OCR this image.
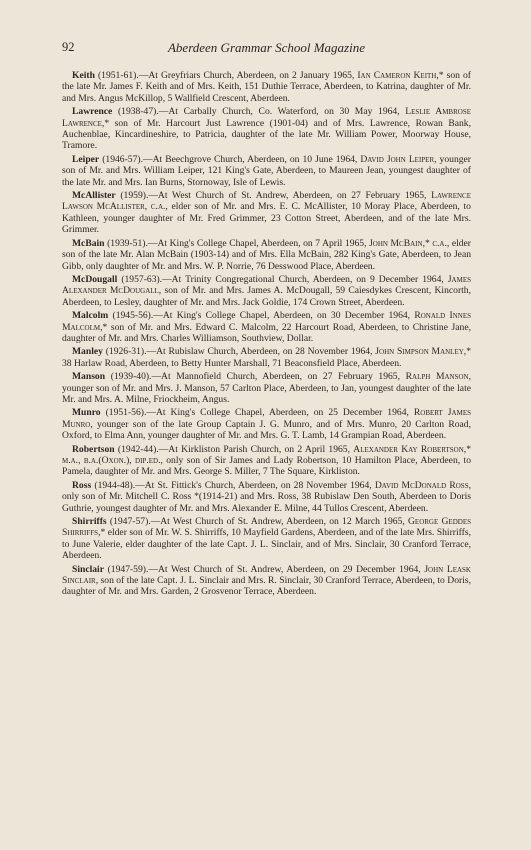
92	Aberdeen Grammar School Magazine

Keith (1951-61).—At Greyfriars Church, Aberdeen, on 2 January 1965, Ian Cameron Keith,* son of the late Mr. James F. Keith and of Mrs. Keith, 151 Duthie Terrace, Aberdeen, to Katrina, daughter of Mr. and Mrs. Angus McKillop, 5 Wallfield Crescent, Aberdeen.

Lawrence (1938-47).—At Carbally Church, Co. Waterford, on 30 May 1964, Leslie Ambrose Lawrence,* son of Mr. Harcourt Just Lawrence (1901-04) and of Mrs. Lawrence, Rowan Bank, Auchenblae, Kincardineshire, to Patricia, daughter of the late Mr. William Power, Moorway House, Tramore.

Leiper (1946-57).—At Beechgrove Church, Aberdeen, on 10 June 1964, David John Leiper, younger son of Mr. and Mrs. William Leiper, 121 King's Gate, Aberdeen, to Maureen Jean, youngest daughter of the late Mr. and Mrs. Ian Burns, Stornoway, Isle of Lewis.

McAllister (1959).—At West Church of St. Andrew, Aberdeen, on 27 February 1965, Lawrence Lawson McAllister, c.a., elder son of Mr. and Mrs. E. C. McAllister, 10 Moray Place, Aberdeen, to Kathleen, younger daughter of Mr. Fred Grimmer, 23 Cotton Street, Aberdeen, and of the late Mrs. Grimmer.

McBain (1939-51).—At King's College Chapel, Aberdeen, on 7 April 1965, John McBain,* c.a., elder son of the late Mr. Alan McBain (1903-14) and of Mrs. Ella McBain, 282 King's Gate, Aberdeen, to Jean Gibb, only daughter of Mr. and Mrs. W. P. Norrie, 76 Desswood Place, Aberdeen.

McDougall (1957-63).—At Trinity Congregational Church, Aberdeen, on 9 December 1964, James Alexander McDougall, son of Mr. and Mrs. James A. McDougall, 59 Caiesdykes Crescent, Kincorth, Aberdeen, to Lesley, daughter of Mr. and Mrs. Jack Goldie, 174 Crown Street, Aberdeen.

Malcolm (1945-56).—At King's College Chapel, Aberdeen, on 30 December 1964, Ronald Innes Malcolm,* son of Mr. and Mrs. Edward C. Malcolm, 22 Harcourt Road, Aberdeen, to Christine Jane, daughter of Mr. and Mrs. Charles Williamson, Southview, Dollar.

Manley (1926-31).—At Rubislaw Church, Aberdeen, on 28 November 1964, John Simpson Manley,* 38 Harlaw Road, Aberdeen, to Betty Hunter Marshall, 71 Beaconsfield Place, Aberdeen.

Manson (1939-40).—At Mannofield Church, Aberdeen, on 27 February 1965, Ralph Manson, younger son of Mr. and Mrs. J. Manson, 57 Carlton Place, Aberdeen, to Jan, youngest daughter of the late Mr. and Mrs. A. Milne, Friockheim, Angus.

Munro (1951-56).—At King's College Chapel, Aberdeen, on 25 December 1964, Robert James Munro, younger son of the late Group Captain J. G. Munro, and of Mrs. Munro, 20 Carlton Road, Oxford, to Elma Ann, younger daughter of Mr. and Mrs. G. T. Lamb, 14 Grampian Road, Aberdeen.

Robertson (1942-44).—At Kirkliston Parish Church, on 2 April 1965, Alexander Kay Robertson,* m.a., b.a.(Oxon.), dip.ed., only son of Sir James and Lady Robertson, 10 Hamilton Place, Aberdeen, to Pamela, daughter of Mr. and Mrs. George S. Miller, 7 The Square, Kirkliston.

Ross (1944-48).—At St. Fittick's Church, Aberdeen, on 28 November 1964, David McDonald Ross, only son of Mr. Mitchell C. Ross *(1914-21) and Mrs. Ross, 38 Rubislaw Den South, Aberdeen to Doris Guthrie, youngest daughter of Mr. and Mrs. Alexander E. Milne, 44 Tullos Crescent, Aberdeen.

Shirriffs (1947-57).—At West Church of St. Andrew, Aberdeen, on 12 March 1965, George Geddes Shirriffs,* elder son of Mr. W. S. Shirriffs, 10 Mayfield Gardens, Aberdeen, and of the late Mrs. Shirriffs, to June Valerie, elder daughter of the late Capt. J. L. Sinclair, and of Mrs. Sinclair, 30 Cranford Terrace, Aberdeen.

Sinclair (1947-59).—At West Church of St. Andrew, Aberdeen, on 29 December 1964, John Leask Sinclair, son of the late Capt. J. L. Sinclair and Mrs. R. Sinclair, 30 Cranford Terrace, Aberdeen, to Doris, daughter of Mr. and Mrs. Garden, 2 Grosvenor Terrace, Aberdeen.
